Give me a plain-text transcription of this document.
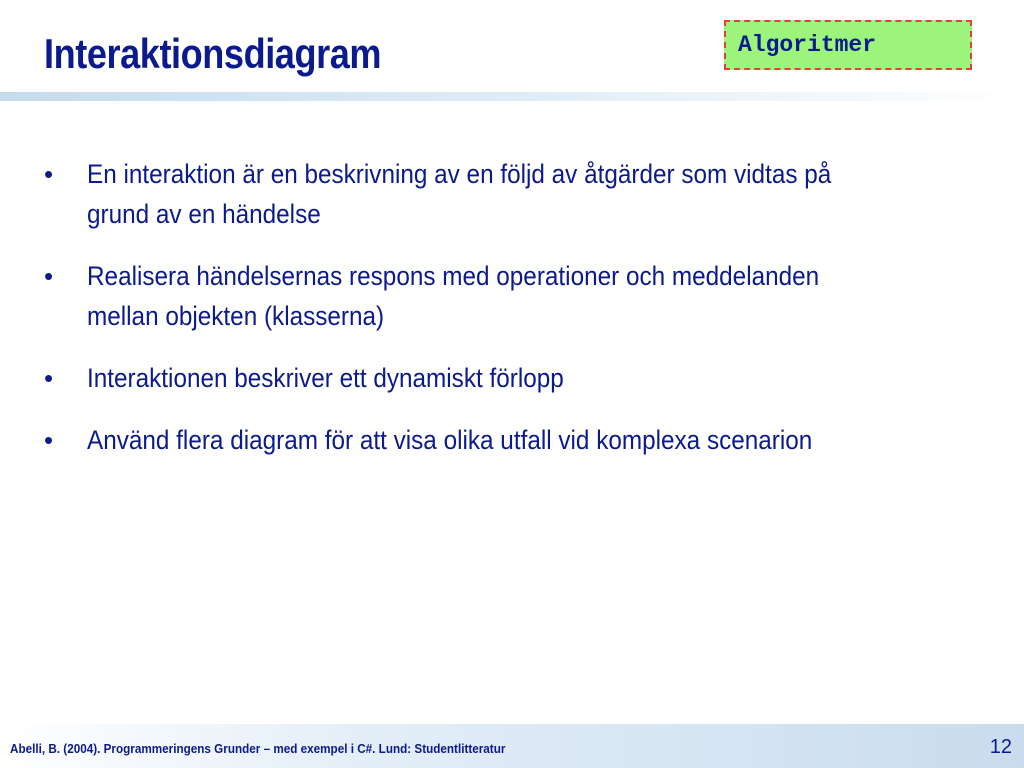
Interaktionsdiagram	Algoritmer
• En interaktion är en beskrivning av en följd av åtgärder som vidtas på grund av en händelse
• Realisera händelsernas respons med operationer och meddelanden mellan objekten (klasserna)
• Interaktionen beskriver ett dynamiskt förlopp
• Använd flera diagram för att visa olika utfall vid komplexa scenarion
Abelli, B. (2004). Programmeringens Grunder – med exempel i C#. Lund: Studentlitteratur	12
